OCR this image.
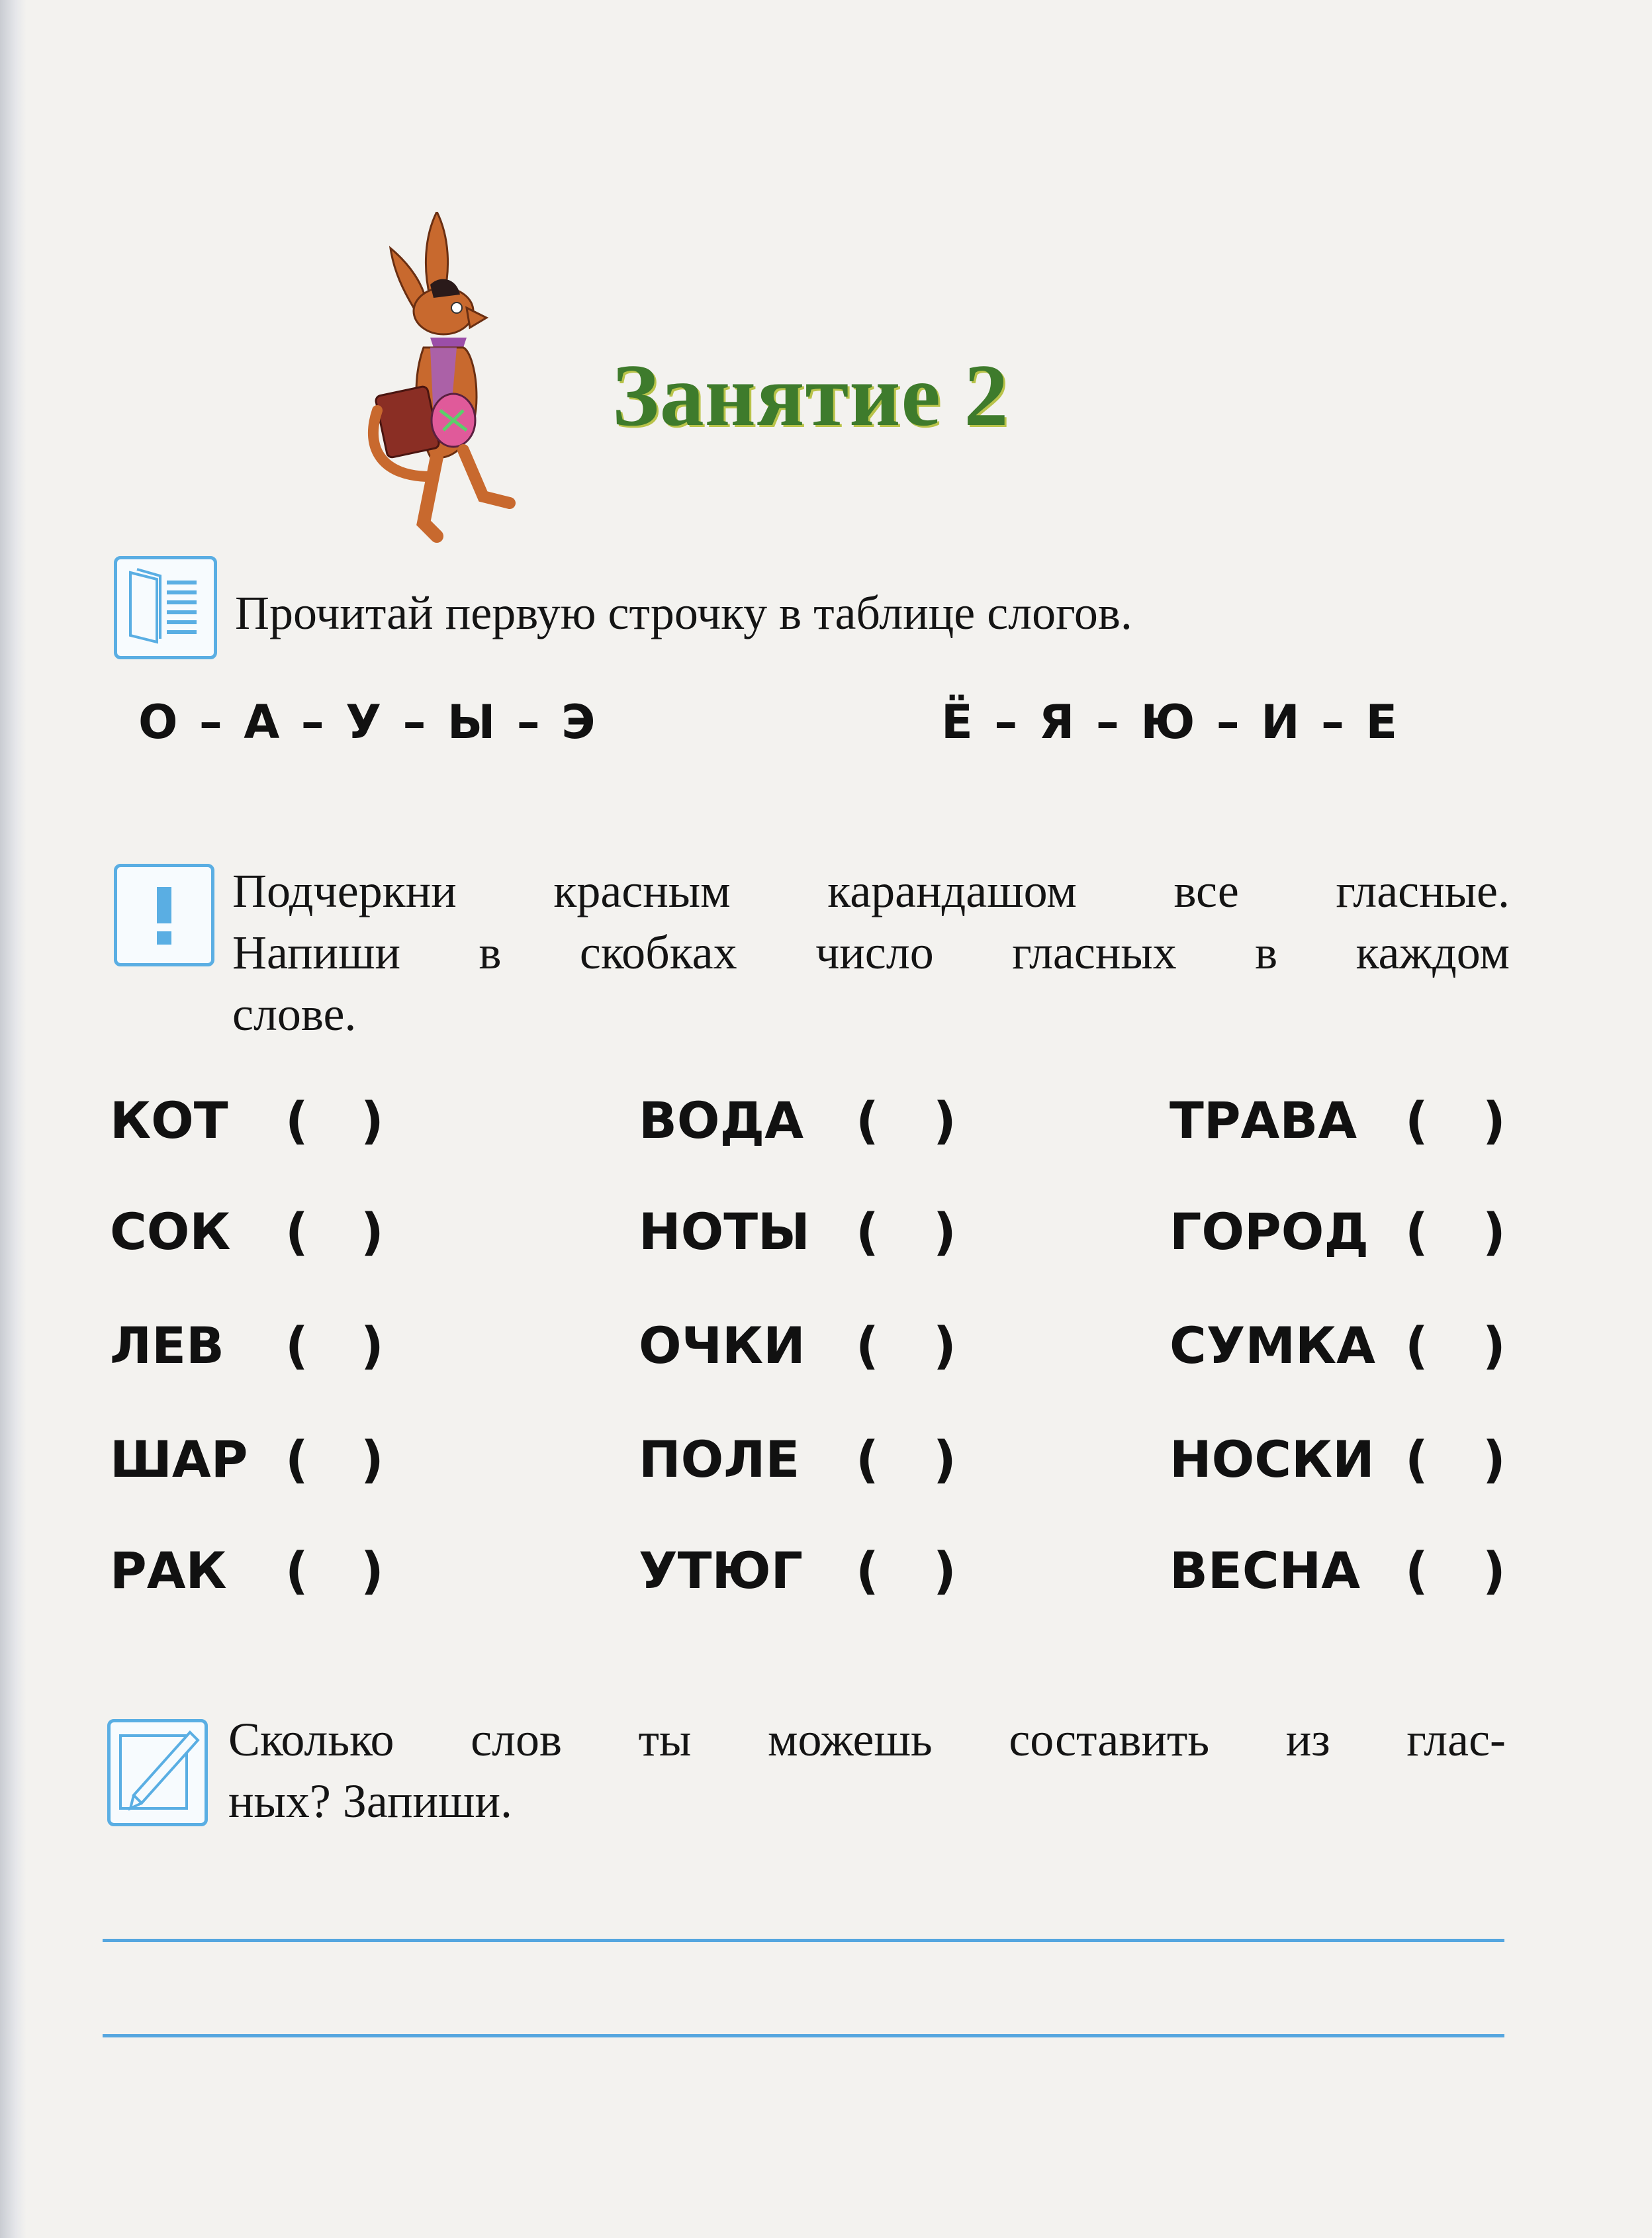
Занятие 2
Прочитай первую строчку в таблице слогов.
О – А – У – Ы – Э	Ё – Я – Ю – И – Е
Подчеркни красным карандашом все гласные.
Напиши в скобках число гласных в каждом
слове.
КОТ ( )
СОК ( )
ЛЕВ ( )
ШАР ( )
РАК ( )
ВОДА ( )
НОТЫ ( )
ОЧКИ ( )
ПОЛЕ ( )
УТЮГ ( )
ТРАВА ( )
ГОРОД ( )
СУМКА ( )
НОСКИ ( )
ВЕСНА ( )
Сколько слов ты можешь составить из глас-
ных? Запиши.
